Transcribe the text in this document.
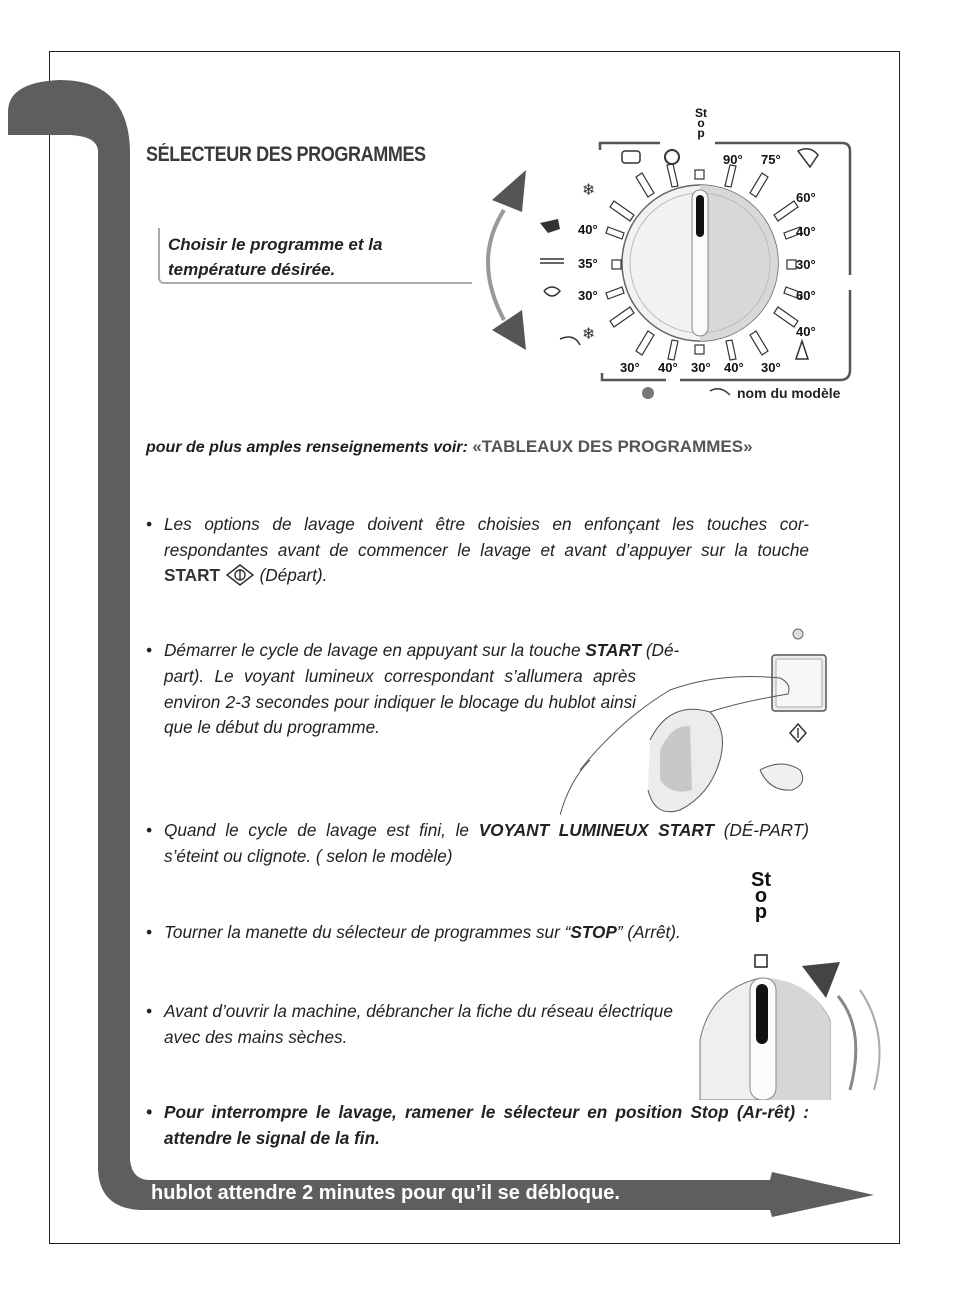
NB: Avant d’ouvrir le
hublot attendre 2 minutes pour qu’il se débloque.
SÉLECTEUR DES PROGRAMMES
Choisir le programme et la température désirée.
❄
❄
Stop
40°
35°
30°
90° 75°
60°
40°
30°
60°
40°
30° 40° 30° 40° 30°
nom du modèle
pour de plus amples renseignements voir: «TABLEAUX DES PROGRAMMES»
• Les options de lavage doivent être choisies en enfonçant les touches cor-respondantes avant de commencer le lavage et avant d’appuyer sur la touche START (Départ).
• Démarrer le cycle de lavage en appuyant sur la touche START (Dé-
part). Le voyant lumineux correspondant s’allumera après environ 2-3 secondes pour indiquer le blocage du hublot ainsi que le début du programme.
• Quand le cycle de lavage est fini, le VOYANT LUMINEUX START (DÉ-PART) s’éteint ou clignote. ( selon le modèle)
• Tourner la manette du sélecteur de programmes sur “STOP” (Arrêt).
Stop
• Avant d’ouvrir la machine, débrancher la fiche du réseau électrique avec des mains sèches.
• Pour interrompre le lavage, ramener le sélecteur en position Stop (Ar-rêt) : attendre le signal de la fin.
